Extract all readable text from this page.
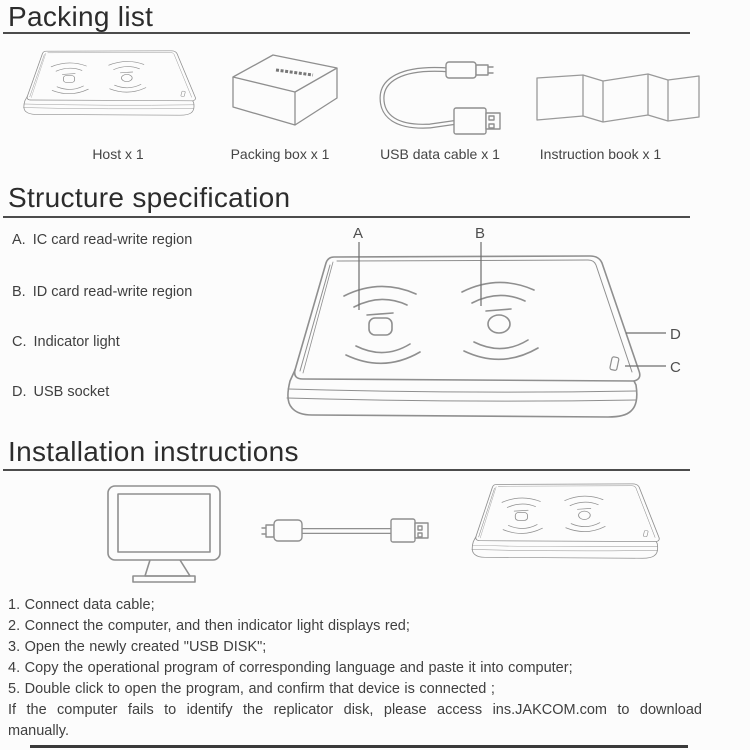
Packing list
Host x 1	Packing box x 1	USB data cable x 1	Instruction book x 1
Structure specification
A. IC card read-write region
B. ID card read-write region
C. Indicator light
D. USB socket
A	B
D
C
Installation instructions
1. Connect data cable;
2. Connect the computer, and then indicator light displays red;
3. Open the newly created "USB DISK";
4. Copy the operational program of corresponding language and paste it into computer;
5. Double click to open the program, and confirm that device is connected ;
If the computer fails to identify the replicator disk, please access ins.JAKCOM.com to download manually.
